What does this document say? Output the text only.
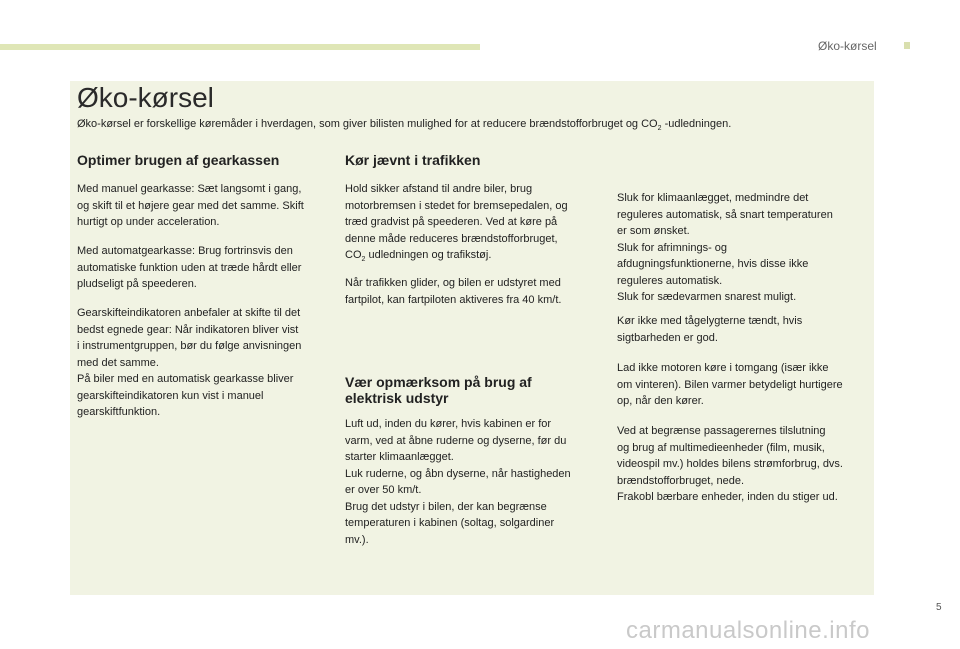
Øko-kørsel
Øko-kørsel
Øko-kørsel er forskellige køremåder i hverdagen, som giver bilisten mulighed for at reducere brændstofforbruget og $CO_2$ -udledningen.
Optimer brugen af gearkassen

Med manuel gearkasse: Sæt langsomt i gang,
og skift til et højere gear med det samme. Skift
hurtigt op under acceleration.

Med automatgearkasse: Brug fortrinsvis den
automatiske funktion uden at træde hårdt eller
pludseligt på speederen.

Gearskifteindikatoren anbefaler at skifte til det
bedst egnede gear: Når indikatoren bliver vist
i instrumentgruppen, bør du følge anvisningen
med det samme.
På biler med en automatisk gearkasse bliver
gearskifteindikatoren kun vist i manuel
gearskiftfunktion.

Kør jævnt i trafikken

Hold sikker afstand til andre biler, brug
motorbremsen i stedet for bremsepedalen, og
træd gradvist på speederen. Ved at køre på
denne måde reduceres brændstofforbruget,
$CO_2$ udledningen og trafikstøj.

Når trafikken glider, og bilen er udstyret med
fartpilot, kan fartpiloten aktiveres fra 40 km/t.

Vær opmærksom på brug af
elektrisk udstyr

Luft ud, inden du kører, hvis kabinen er for
varm, ved at åbne ruderne og dyserne, før du
starter klimaanlægget.
Luk ruderne, og åbn dyserne, når hastigheden
er over 50 km/t.
Brug det udstyr i bilen, der kan begrænse
temperaturen i kabinen (soltag, solgardiner
mv.).

Sluk for klimaanlægget, medmindre det
reguleres automatisk, så snart temperaturen
er som ønsket.
Sluk for afrimnings- og
afdugningsfunktionerne, hvis disse ikke
reguleres automatisk.
Sluk for sædevarmen snarest muligt.

Kør ikke med tågelygterne tændt, hvis
sigtbarheden er god.

Lad ikke motoren køre i tomgang (især ikke
om vinteren). Bilen varmer betydeligt hurtigere
op, når den kører.

Ved at begrænse passagerernes tilslutning
og brug af multimedieenheder (film, musik,
videospil mv.) holdes bilens strømforbrug, dvs.
brændstofforbruget, nede.
Frakobl bærbare enheder, inden du stiger ud.

5
carmanualsonline.info
